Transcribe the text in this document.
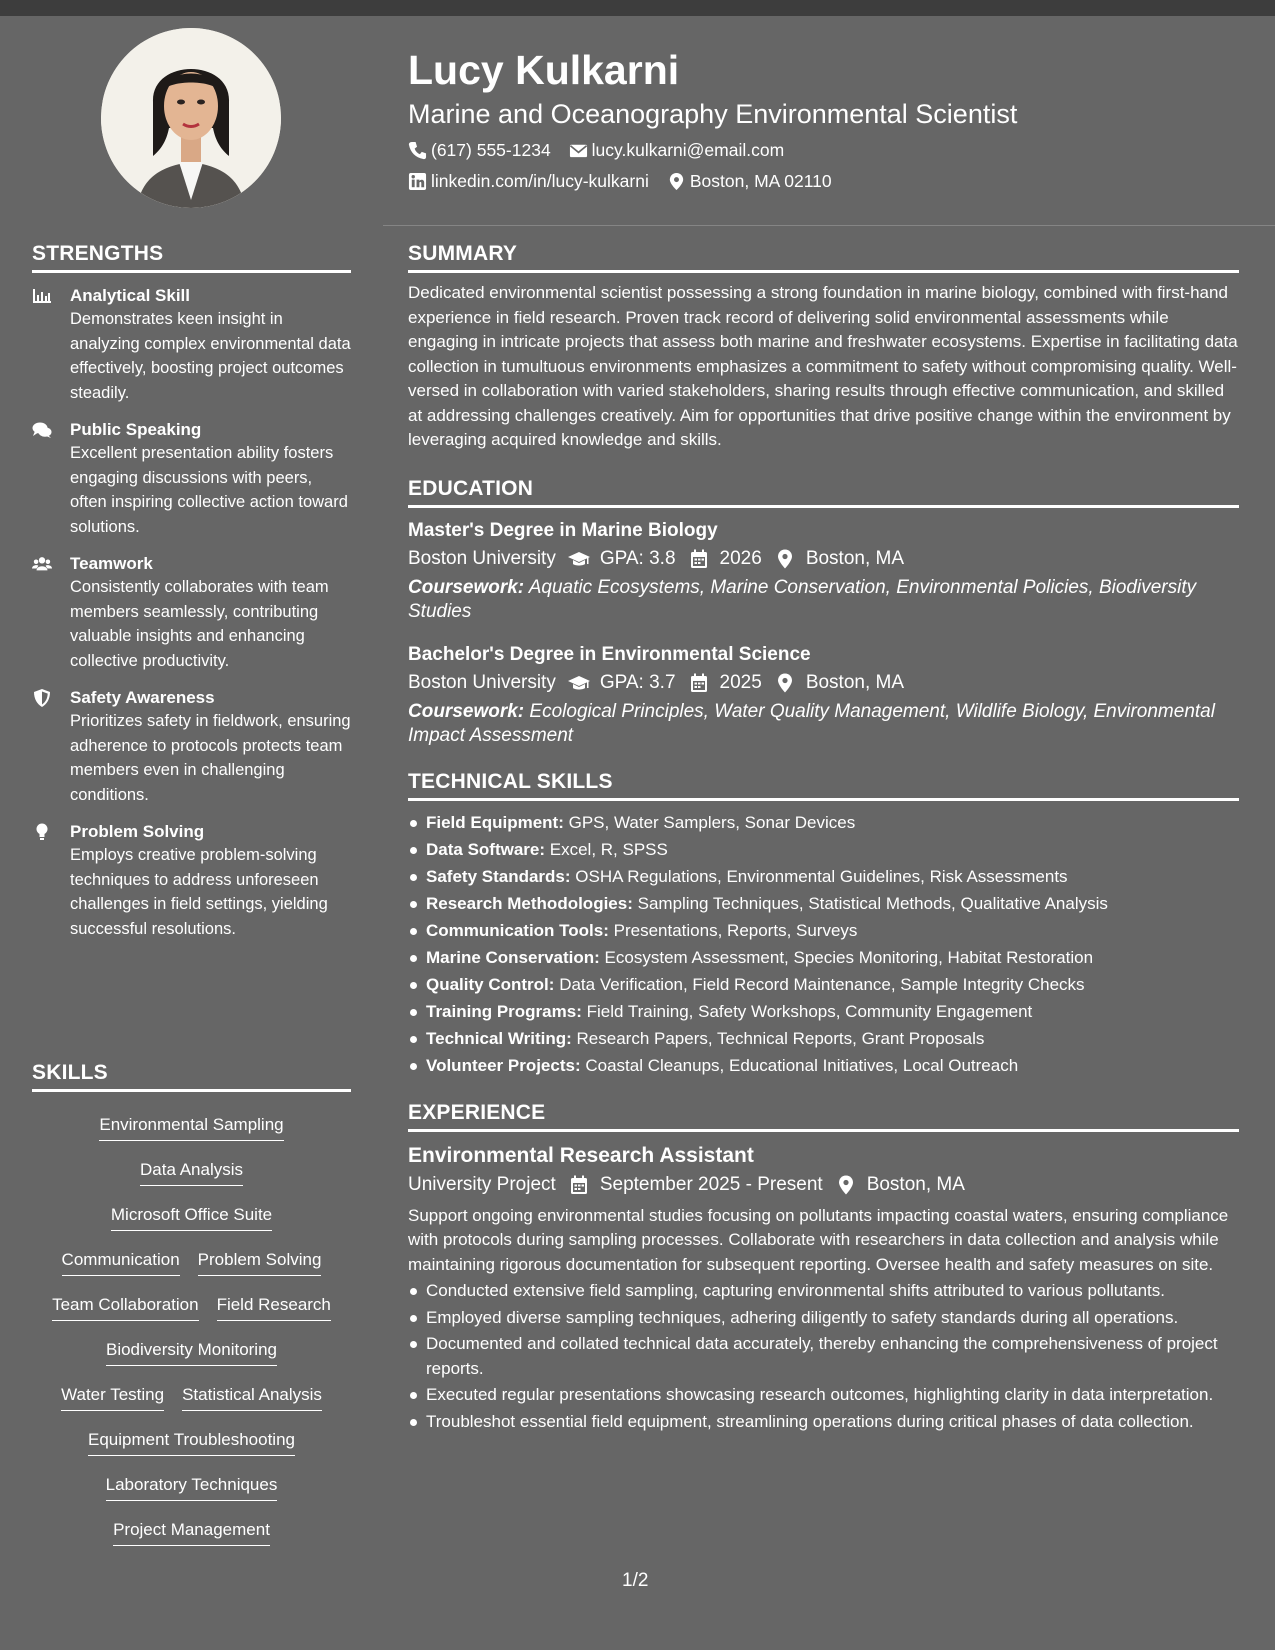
STRENGTHS
Analytical Skill
Demonstrates keen insight in analyzing complex environmental data effectively, boosting project outcomes steadily.
Public Speaking
Excellent presentation ability fosters engaging discussions with peers, often inspiring collective action toward solutions.
Teamwork
Consistently collaborates with team members seamlessly, contributing valuable insights and enhancing collective productivity.
Safety Awareness
Prioritizes safety in fieldwork, ensuring adherence to protocols protects team members even in challenging conditions.
Problem Solving
Employs creative problem-solving techniques to address unforeseen challenges in field settings, yielding successful resolutions.
SKILLS
Environmental Sampling
Data Analysis
Microsoft Office Suite
Communication Problem Solving
Team Collaboration Field Research
Biodiversity Monitoring
Water Testing Statistical Analysis
Equipment Troubleshooting
Laboratory Techniques
Project Management
Lucy Kulkarni
Marine and Oceanography Environmental Scientist
(617) 555-1234 lucy.kulkarni@email.com
linkedin.com/in/lucy-kulkarni Boston, MA 02110
SUMMARY
Dedicated environmental scientist possessing a strong foundation in marine biology, combined with first-hand experience in field research. Proven track record of delivering solid environmental assessments while engaging in intricate projects that assess both marine and freshwater ecosystems. Expertise in facilitating data collection in tumultuous environments emphasizes a commitment to safety without compromising quality. Well-versed in collaboration with varied stakeholders, sharing results through effective communication, and skilled at addressing challenges creatively. Aim for opportunities that drive positive change within the environment by leveraging acquired knowledge and skills.
EDUCATION
Master's Degree in Marine Biology
Boston University GPA: 3.8 2026 Boston, MA
Coursework: Aquatic Ecosystems, Marine Conservation, Environmental Policies, Biodiversity Studies
Bachelor's Degree in Environmental Science
Boston University GPA: 3.7 2025 Boston, MA
Coursework: Ecological Principles, Water Quality Management, Wildlife Biology, Environmental Impact Assessment
TECHNICAL SKILLS
Field Equipment: GPS, Water Samplers, Sonar Devices
Data Software: Excel, R, SPSS
Safety Standards: OSHA Regulations, Environmental Guidelines, Risk Assessments
Research Methodologies: Sampling Techniques, Statistical Methods, Qualitative Analysis
Communication Tools: Presentations, Reports, Surveys
Marine Conservation: Ecosystem Assessment, Species Monitoring, Habitat Restoration
Quality Control: Data Verification, Field Record Maintenance, Sample Integrity Checks
Training Programs: Field Training, Safety Workshops, Community Engagement
Technical Writing: Research Papers, Technical Reports, Grant Proposals
Volunteer Projects: Coastal Cleanups, Educational Initiatives, Local Outreach
EXPERIENCE
Environmental Research Assistant
University Project September 2025 - Present Boston, MA
Support ongoing environmental studies focusing on pollutants impacting coastal waters, ensuring compliance with protocols during sampling processes. Collaborate with researchers in data collection and analysis while maintaining rigorous documentation for subsequent reporting. Oversee health and safety measures on site.
Conducted extensive field sampling, capturing environmental shifts attributed to various pollutants.
Employed diverse sampling techniques, adhering diligently to safety standards during all operations.
Documented and collated technical data accurately, thereby enhancing the comprehensiveness of project reports.
Executed regular presentations showcasing research outcomes, highlighting clarity in data interpretation.
Troubleshot essential field equipment, streamlining operations during critical phases of data collection.
1/2
